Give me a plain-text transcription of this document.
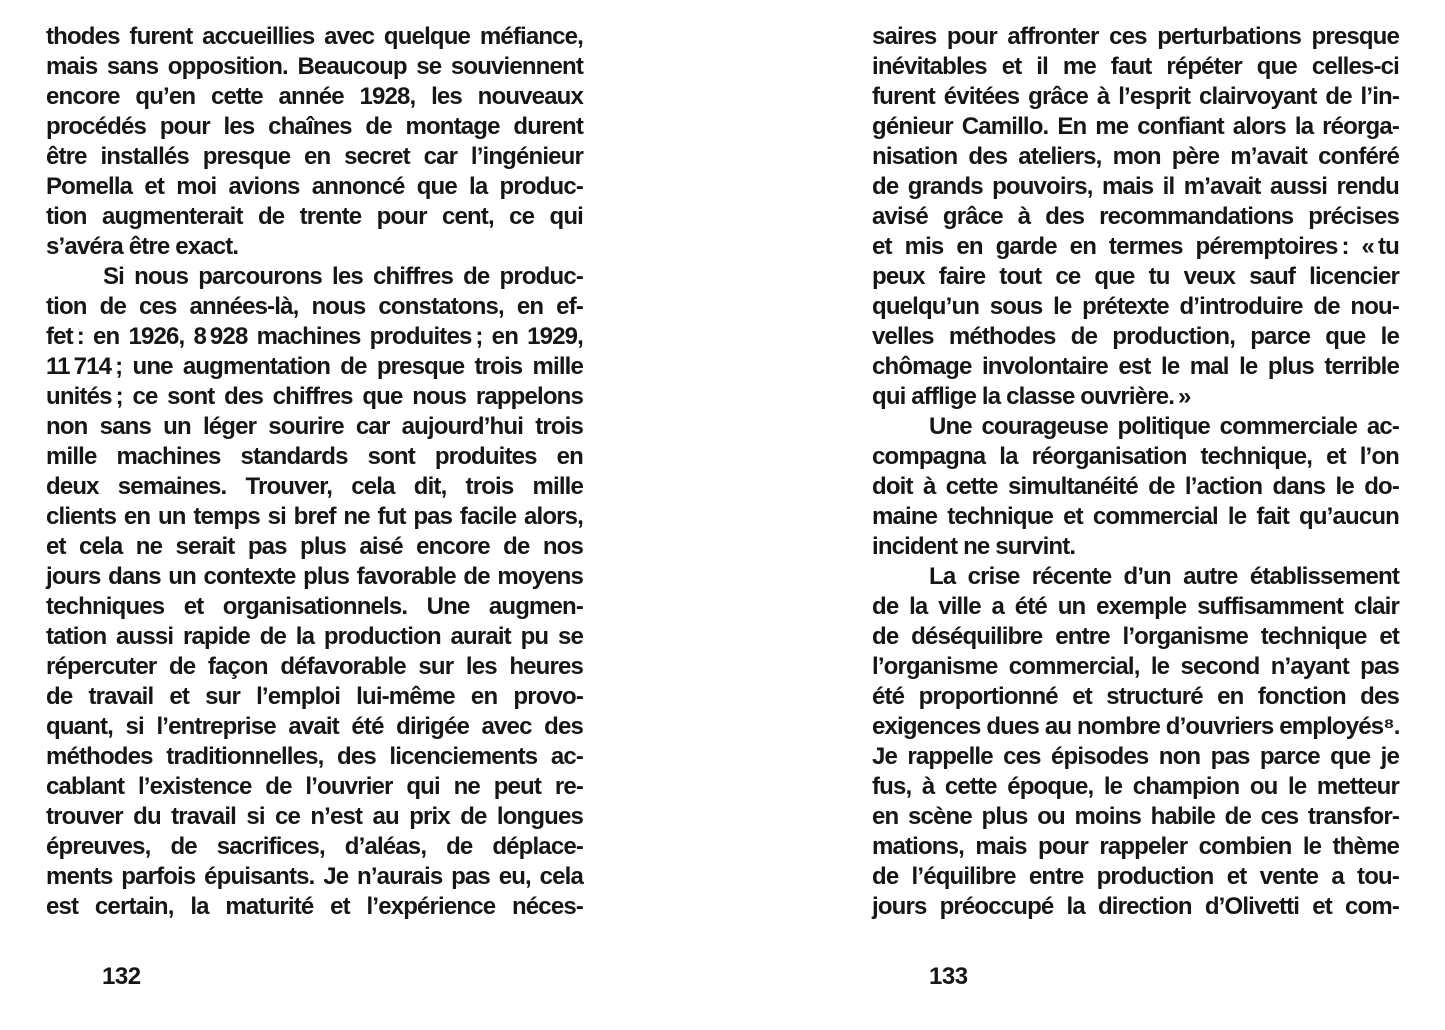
thodes furent accueillies avec quelque méfiance,
mais sans opposition. Beaucoup se souviennent
encore qu’en cette année 1928, les nouveaux
procédés pour les chaînes de montage durent
être installés presque en secret car l’ingénieur
Pomella et moi avions annoncé que la produc-
tion augmenterait de trente pour cent, ce qui
s’avéra être exact.
Si nous parcourons les chiffres de produc-
tion de ces années-là, nous constatons, en ef-
fet : en 1926, 8 928 machines produites ; en 1929,
11 714 ; une augmentation de presque trois mille
unités ; ce sont des chiffres que nous rappelons
non sans un léger sourire car aujourd’hui trois
mille machines standards sont produites en
deux semaines. Trouver, cela dit, trois mille
clients en un temps si bref ne fut pas facile alors,
et cela ne serait pas plus aisé encore de nos
jours dans un contexte plus favorable de moyens
techniques et organisationnels. Une augmen-
tation aussi rapide de la production aurait pu se
répercuter de façon défavorable sur les heures
de travail et sur l’emploi lui-même en provo-
quant, si l’entreprise avait été dirigée avec des
méthodes traditionnelles, des licenciements ac-
cablant l’existence de l’ouvrier qui ne peut re-
trouver du travail si ce n’est au prix de longues
épreuves, de sacrifices, d’aléas, de déplace-
ments parfois épuisants. Je n’aurais pas eu, cela
est certain, la maturité et l’expérience néces-
132
saires pour affronter ces perturbations presque
inévitables et il me faut répéter que celles-ci
furent évitées grâce à l’esprit clairvoyant de l’in-
génieur Camillo. En me confiant alors la réorga-
nisation des ateliers, mon père m’avait conféré
de grands pouvoirs, mais il m’avait aussi rendu
avisé grâce à des recommandations précises
et mis en garde en termes péremptoires : « tu
peux faire tout ce que tu veux sauf licencier
quelqu’un sous le prétexte d’introduire de nou-
velles méthodes de production, parce que le
chômage involontaire est le mal le plus terrible
qui afflige la classe ouvrière. »
Une courageuse politique commerciale ac-
compagna la réorganisation technique, et l’on
doit à cette simultanéité de l’action dans le do-
maine technique et commercial le fait qu’aucun
incident ne survint.
La crise récente d’un autre établissement
de la ville a été un exemple suffisamment clair
de déséquilibre entre l’organisme technique et
l’organisme commercial, le second n’ayant pas
été proportionné et structuré en fonction des
exigences dues au nombre d’ouvriers employés⁸.
Je rappelle ces épisodes non pas parce que je
fus, à cette époque, le champion ou le metteur
en scène plus ou moins habile de ces transfor-
mations, mais pour rappeler combien le thème
de l’équilibre entre production et vente a tou-
jours préoccupé la direction d’Olivetti et com-
133
